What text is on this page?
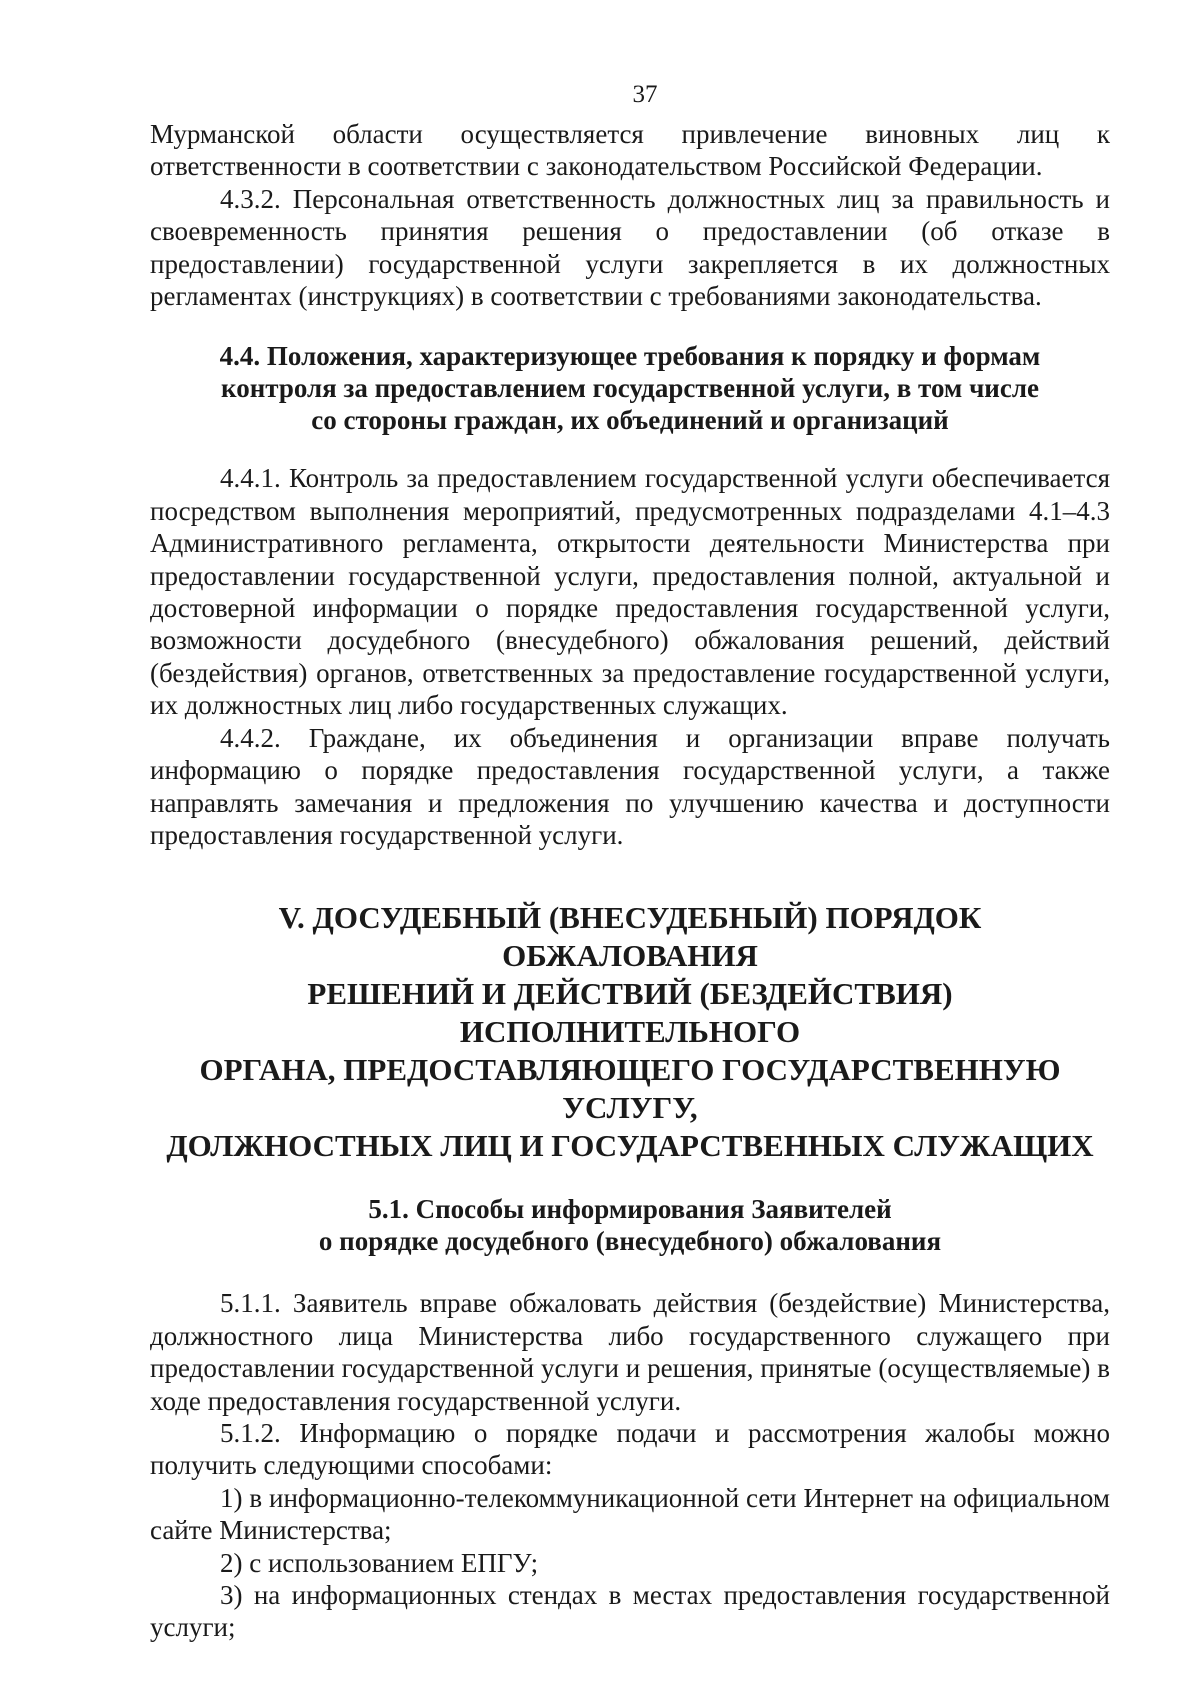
37

Мурманской области осуществляется привлечение виновных лиц к ответственности в соответствии с законодательством Российской Федерации.

4.3.2. Персональная ответственность должностных лиц за правильность и своевременность принятия решения о предоставлении (об отказе в предоставлении) государственной услуги закрепляется в их должностных регламентах (инструкциях) в соответствии с требованиями законодательства.

4.4. Положения, характеризующее требования к порядку и формам
контроля за предоставлением государственной услуги, в том числе
со стороны граждан, их объединений и организаций

4.4.1. Контроль за предоставлением государственной услуги обеспечивается посредством выполнения мероприятий, предусмотренных подразделами 4.1–4.3 Административного регламента, открытости деятельности Министерства при предоставлении государственной услуги, предоставления полной, актуальной и достоверной информации о порядке предоставления государственной услуги, возможности досудебного (внесудебного) обжалования решений, действий (бездействия) органов, ответственных за предоставление государственной услуги, их должностных лиц либо государственных служащих.

4.4.2. Граждане, их объединения и организации вправе получать информацию о порядке предоставления государственной услуги, а также направлять замечания и предложения по улучшению качества и доступности предоставления государственной услуги.

V. ДОСУДЕБНЫЙ (ВНЕСУДЕБНЫЙ) ПОРЯДОК ОБЖАЛОВАНИЯ
РЕШЕНИЙ И ДЕЙСТВИЙ (БЕЗДЕЙСТВИЯ) ИСПОЛНИТЕЛЬНОГО
ОРГАНА, ПРЕДОСТАВЛЯЮЩЕГО ГОСУДАРСТВЕННУЮ УСЛУГУ,
ДОЛЖНОСТНЫХ ЛИЦ И ГОСУДАРСТВЕННЫХ СЛУЖАЩИХ
5.1. Способы информирования Заявителей
о порядке досудебного (внесудебного) обжалования

5.1.1. Заявитель вправе обжаловать действия (бездействие) Министерства, должностного лица Министерства либо государственного служащего при предоставлении государственной услуги и решения, принятые (осуществляемые) в ходе предоставления государственной услуги.

5.1.2. Информацию о порядке подачи и рассмотрения жалобы можно получить следующими способами:

1) в информационно-телекоммуникационной сети Интернет на официальном сайте Министерства;

2) с использованием ЕПГУ;

3) на информационных стендах в местах предоставления государственной услуги;
